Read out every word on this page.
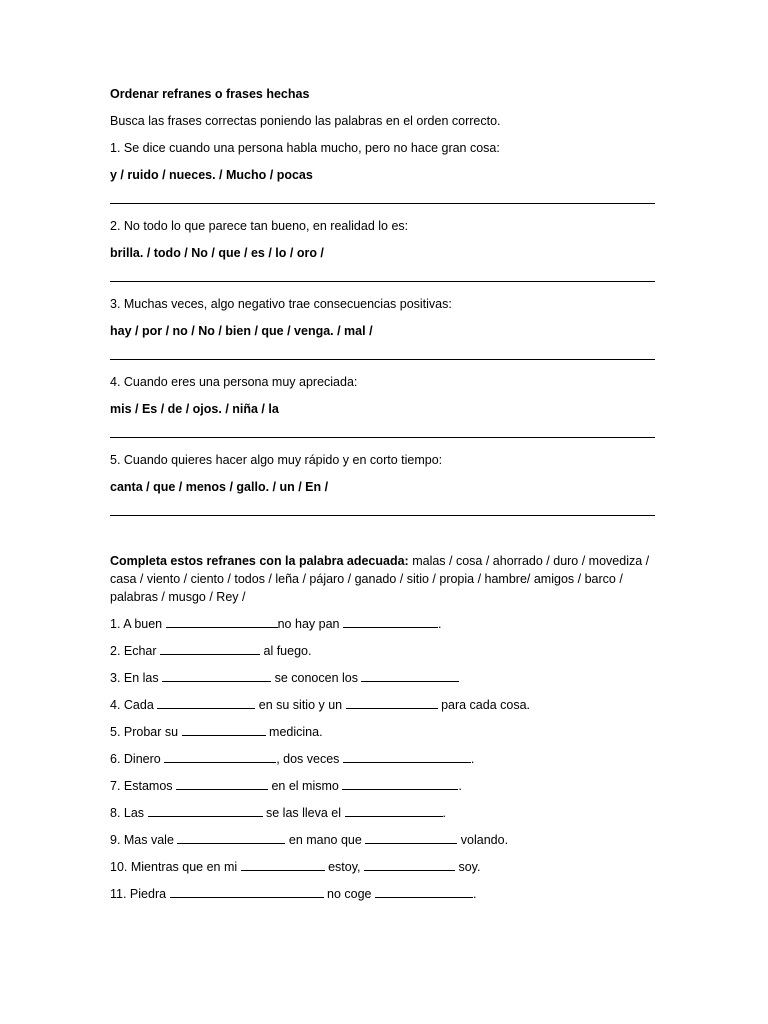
Ordenar refranes o frases hechas
Busca las frases correctas poniendo las palabras en el orden correcto.
1. Se dice cuando una persona habla mucho, pero no hace gran cosa:
y / ruido / nueces. / Mucho / pocas
2. No todo lo que parece tan bueno, en realidad lo es:
brilla. / todo / No / que / es / lo / oro /
3. Muchas veces, algo negativo trae consecuencias positivas:
hay / por / no / No / bien / que / venga. / mal /
4. Cuando eres una persona muy apreciada:
mis / Es / de / ojos. / niña / la
5. Cuando quieres hacer algo muy rápido y en corto tiempo:
canta / que / menos / gallo. / un / En /
Completa estos refranes con la palabra adecuada: malas / cosa / ahorrado / duro / movediza / casa / viento / ciento / todos / leña / pájaro / ganado / sitio / propia / hambre/ amigos / barco / palabras / musgo / Rey /
1. A buen	no hay pan	.
2. Echar	al fuego.
3. En las	se conocen los
4. Cada	en su sitio y un	para cada cosa.
5. Probar su	medicina.
6. Dinero	, dos veces	.
7. Estamos	en el mismo	.
8. Las	se las lleva el	.
9. Mas vale	en mano que	volando.
10. Mientras que en mi	estoy,	soy.
11. Piedra	no coge	.
